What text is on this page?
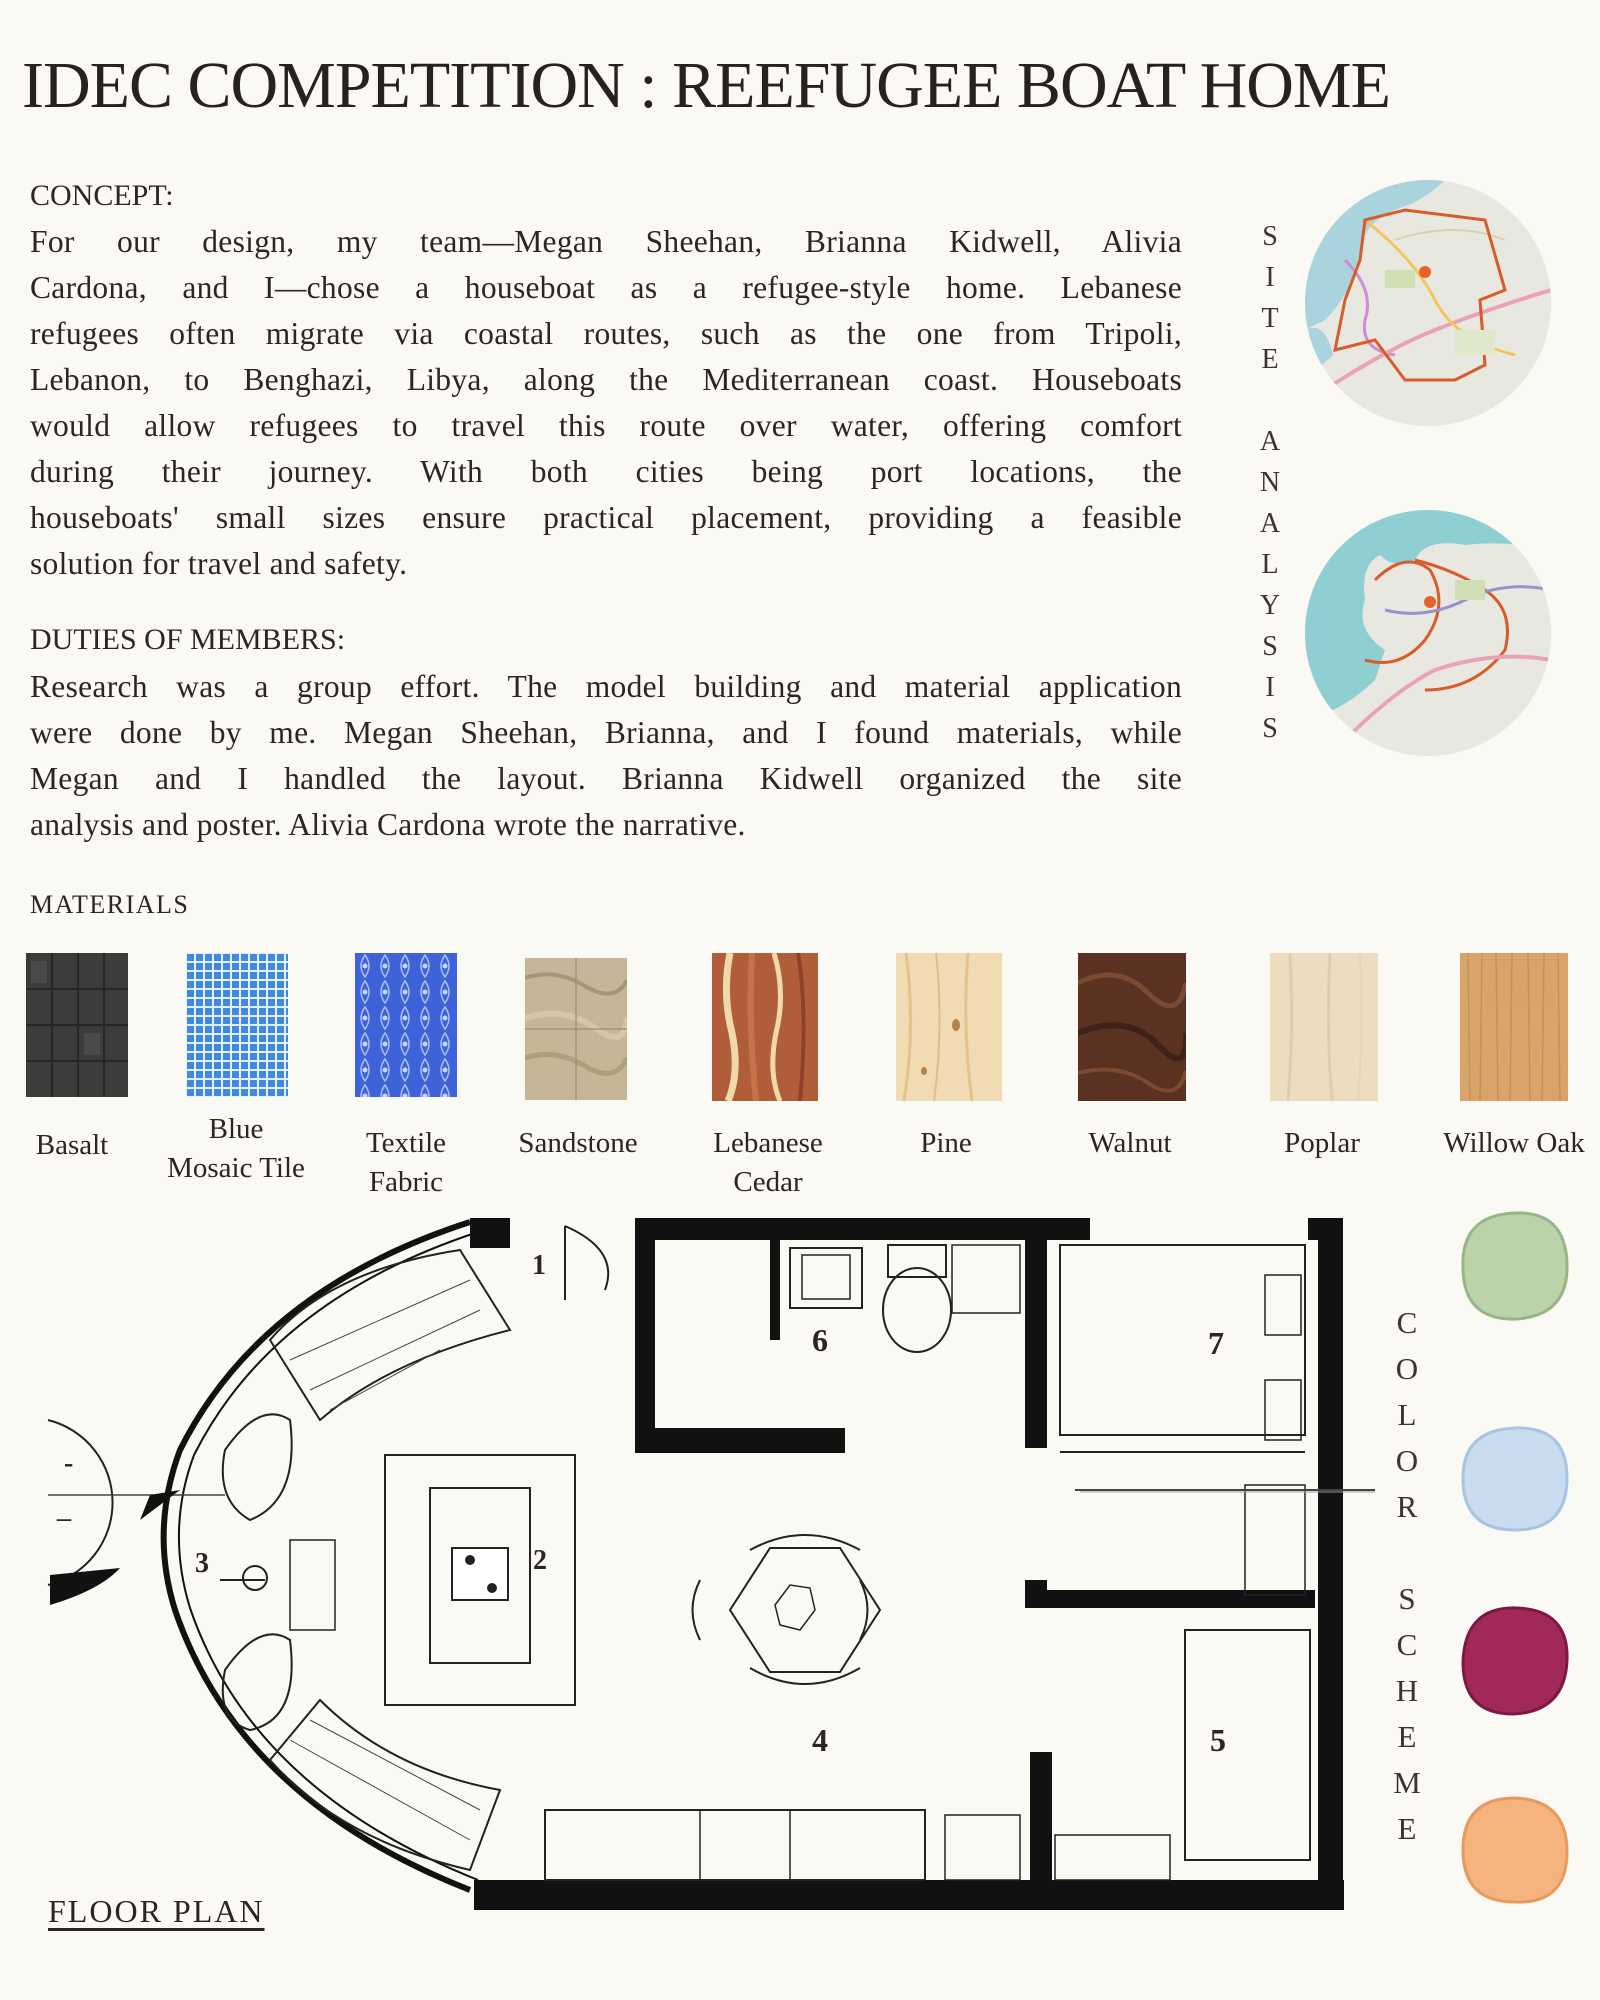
IDEC COMPETITION : REEFUGEE BOAT HOME
CONCEPT:
For our design, my team—Megan Sheehan, Brianna Kidwell, Alivia
Cardona, and I—chose a houseboat as a refugee-style home. Lebanese
refugees often migrate via coastal routes, such as the one from Tripoli,
Lebanon, to Benghazi, Libya, along the Mediterranean coast. Houseboats
would allow refugees to travel this route over water, offering comfort
during their journey. With both cities being port locations, the
houseboats' small sizes ensure practical placement, providing a feasible
solution for travel and safety.
DUTIES OF MEMBERS:
Research was a group effort. The model building and material application
were done by me. Megan Sheehan, Brianna, and I found materials, while
Megan and I handled the layout. Brianna Kidwell organized the site
analysis and poster. Alivia Cardona wrote the narrative.
S
I
T
E
A
N
A
L
Y
S
I
S
MATERIALS
Basalt	Blue
Mosaic Tile
Textile
Fabric
Sandstone	Lebanese
Cedar
Pine	Walnut	Poplar	Willow Oak
1
2
3
4	5
6	7
-
---
FLOOR PLAN
C
O
L
O
R
S
C
H
E
M
E
